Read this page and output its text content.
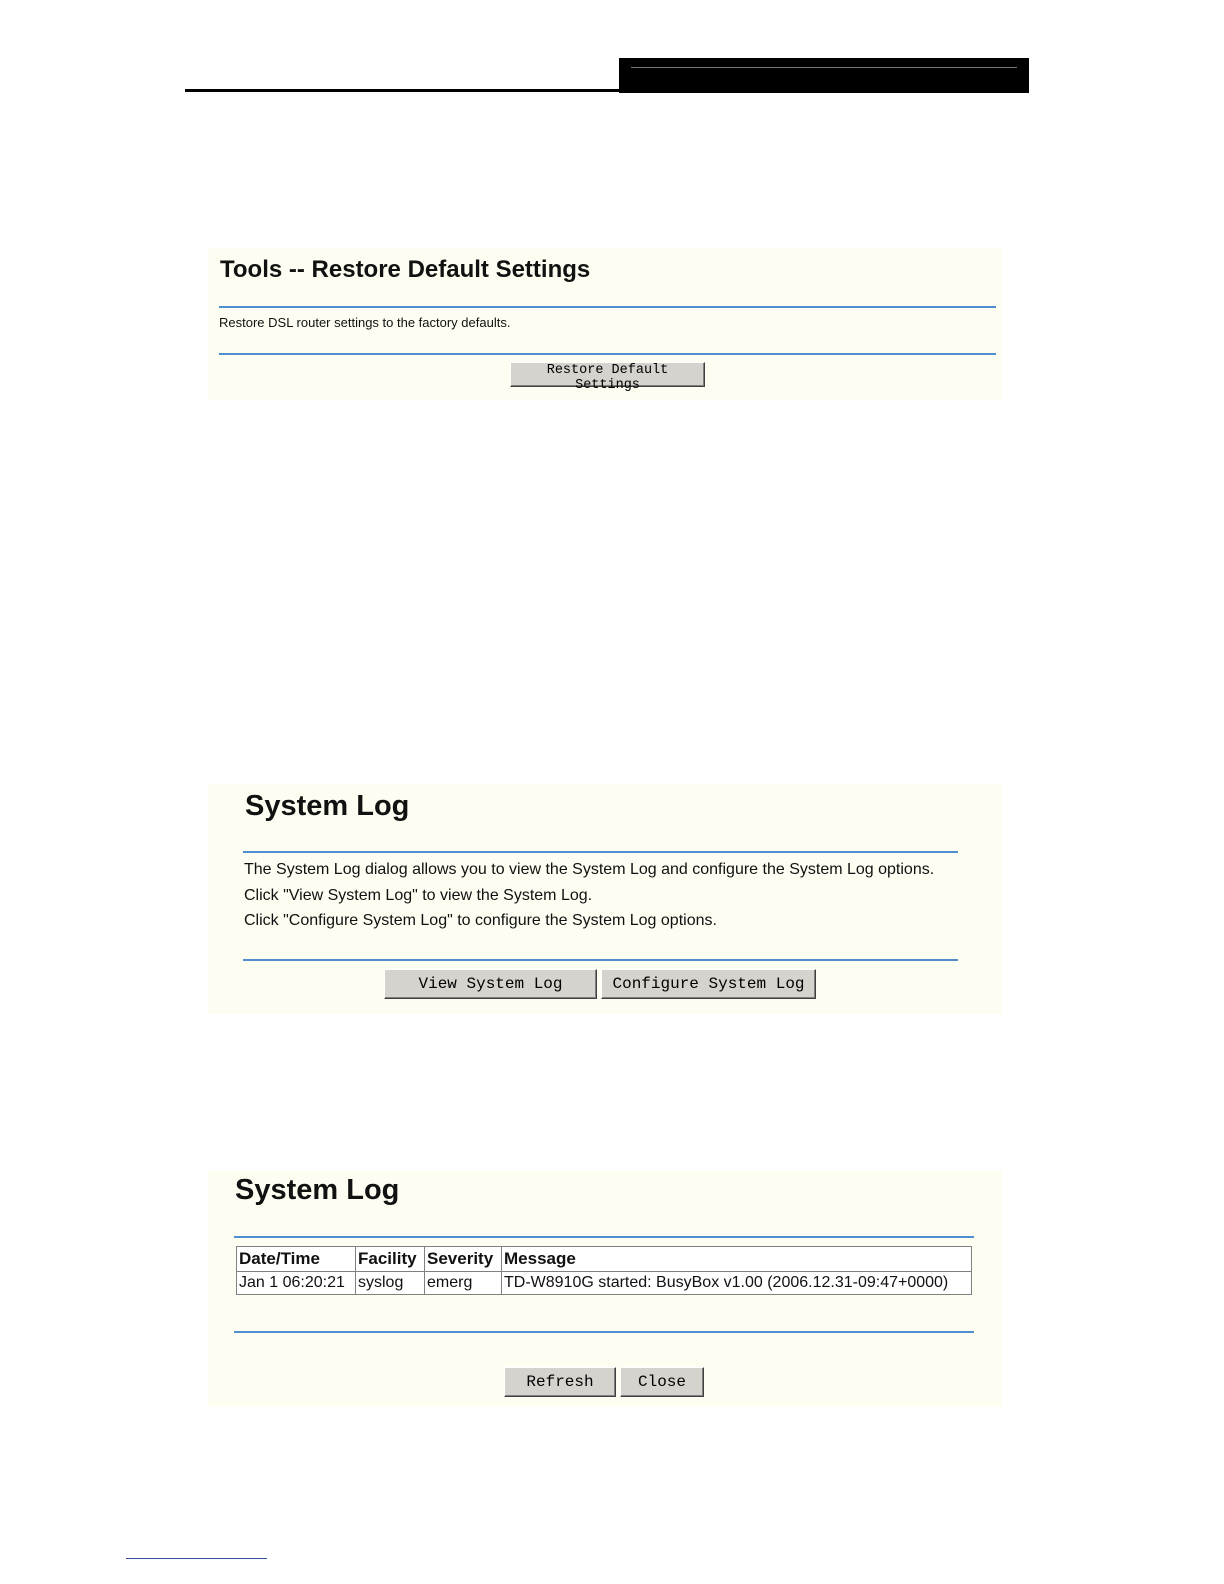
Tools -- Restore Default Settings
Restore DSL router settings to the factory defaults.
Restore Default Settings
System Log
The System Log dialog allows you to view the System Log and configure the System Log options.
Click "View System Log" to view the System Log.
Click "Configure System Log" to configure the System Log options.
View System Log	Configure System Log
System Log
Date/Time	Facility	Severity	Message
Jan 1 06:20:21	syslog	emerg	TD-W8910G started: BusyBox v1.00 (2006.12.31-09:47+0000)
Refresh	Close
